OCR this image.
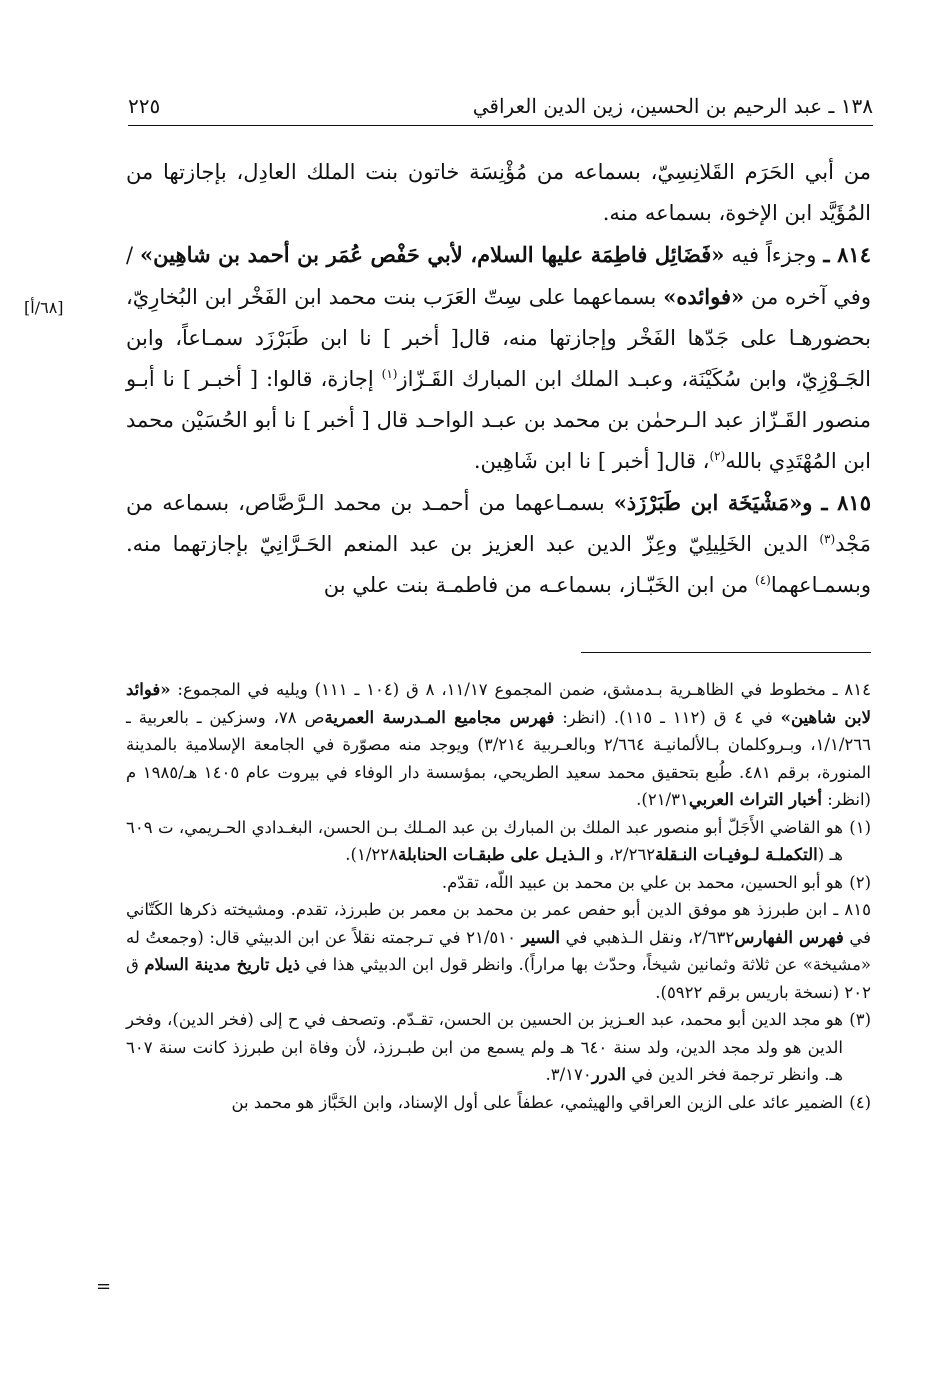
١٣٨ ـ عبد الرحيم بن الحسين، زين الدين العراقي
٢٢٥
[٦٨/أ]

من أبي الحَرَم القَلانِسِيّ، بسماعه من مُؤْنِسَة خاتون بنت الملك العادِل، بإجازتها من المُؤَيَّد ابن الإخوة، بسماعه منه.

٨١٤ ـ وجزءاً فيه «فَضَائِل فاطِمَة عليها السلام، لأبي حَفْص عُمَر بن أحمد بن شاهِين» / وفي آخره من «فوائده» بسماعهما على سِتّ العَرَب بنت محمد ابن الفَخْر ابن البُخارِيّ، بحضورهـا على جَدّها الفَخْر وإجازتها منه، قال[ أخبر ] نا ابن طَبَرْزَد سمـاعاً، وابن الجَـوْزِيّ، وابن سُكَيْنَة، وعبـد الملك ابن المبارك القَـزّاز$^{(١)}$ إجازة، قالوا: [ أخبـر ] نا أبـو منصور القَـزّاز عبد الـرحمٰن بن محمد بن عبـد الواحـد قال [ أخبر ] نا أبو الحُسَيْن محمد ابن المُهْتَدِي بالله$^{(٢)}$، قال[ أخبر ] نا ابن شَاهِين.

٨١٥ ـ و«مَشْيَخَة ابن طَبَرْزَذ» بسمـاعهما من أحمـد بن محمد الـرَّصَّاص، بسماعه من مَجْد$^{(٣)}$ الدين الخَلِيلِيّ وعِزّ الدين عبد العزيز بن عبد المنعم الحَـرَّانِيّ بإجازتهما منه. وبسمـاعهما$^{(٤)}$ من ابن الخَبّـاز، بسماعـه من فاطمـة بنت علي بن

٨١٤ ـ مخطوط في الظاهـرية بـدمشق، ضمن المجموع ١١/١٧، ٨ ق (١٠٤ ـ ١١١) ويليه في المجموع: «فوائد لابن شاهين» في ٤ ق (١١٢ ـ ١١٥). (انظر: فهرس مجاميع المـدرسة العمريةص ٧٨، وسزكين ـ بالعربية ـ ١/١/٢٦٦، وبـروكلمان بـالألمانيـة ٢/٦٦٤ وبالعـربية ٣/٢١٤) ويوجد منه مصوّرة في الجامعة الإسلامية بالمدينة المنورة، برقم ٤٨١. طُبع بتحقيق محمد سعيد الطريحي، بمؤسسة دار الوفاء في بيروت عام ١٤٠٥ هـ/١٩٨٥ م (انظر: أخبار التراث العربي٢١/٣١).

(١)
هو القاضي الأَجَلّ أبو منصور عبد الملك بن المبارك بن عبد المـلك بـن الحسن، البغـدادي الحـريمي، ت ٦٠٩ هـ (التكملـة لـوفيـات النـقلة٢/٢٦٢، و الـذيـل على طبقـات الحنابلة١/٢٢٨).

(٢)
هو أبو الحسين، محمد بن علي بن محمد بن عبيد اللّه، تقدّم.

٨١٥ ـ ابن طبرزذ هو موفق الدين أبو حفص عمر بن محمد بن معمر بن طبرزذ، تقدم. ومشيخته ذكرها الكَتّاني في فهرس الفهارس٢/٦٣٢، ونقل الـذهبي في السير ٢١/٥١٠ في تـرجمته نقلاً عن ابن الدبيثي قال: (وجمعتُ له «مشيخة» عن ثلاثة وثمانين شيخاً، وحدّث بها مراراً). وانظر قول ابن الدبيثي هذا في ذيل تاريخ مدينة السلام ق ٢٠٢ (نسخة باريس برقم ٥٩٢٢).

(٣)
هو مجد الدين أبو محمد، عبد العـزيز بن الحسين بن الحسن، تقـدّم. وتصحف في ح إلى (فخر الدين)، وفخر الدين هو ولد مجد الدين، ولد سنة ٦٤٠ هـ ولم يسمع من ابن طبـرزذ، لأن وفاة ابن طبرزذ كانت سنة ٦٠٧ هـ. وانظر ترجمة فخر الدين في الدرر٣/١٧٠.

(٤)
الضمير عائد على الزين العراقي والهيثمي، عطفاً على أول الإسناد، وابن الخَبَّاز هو محمد بن

=
